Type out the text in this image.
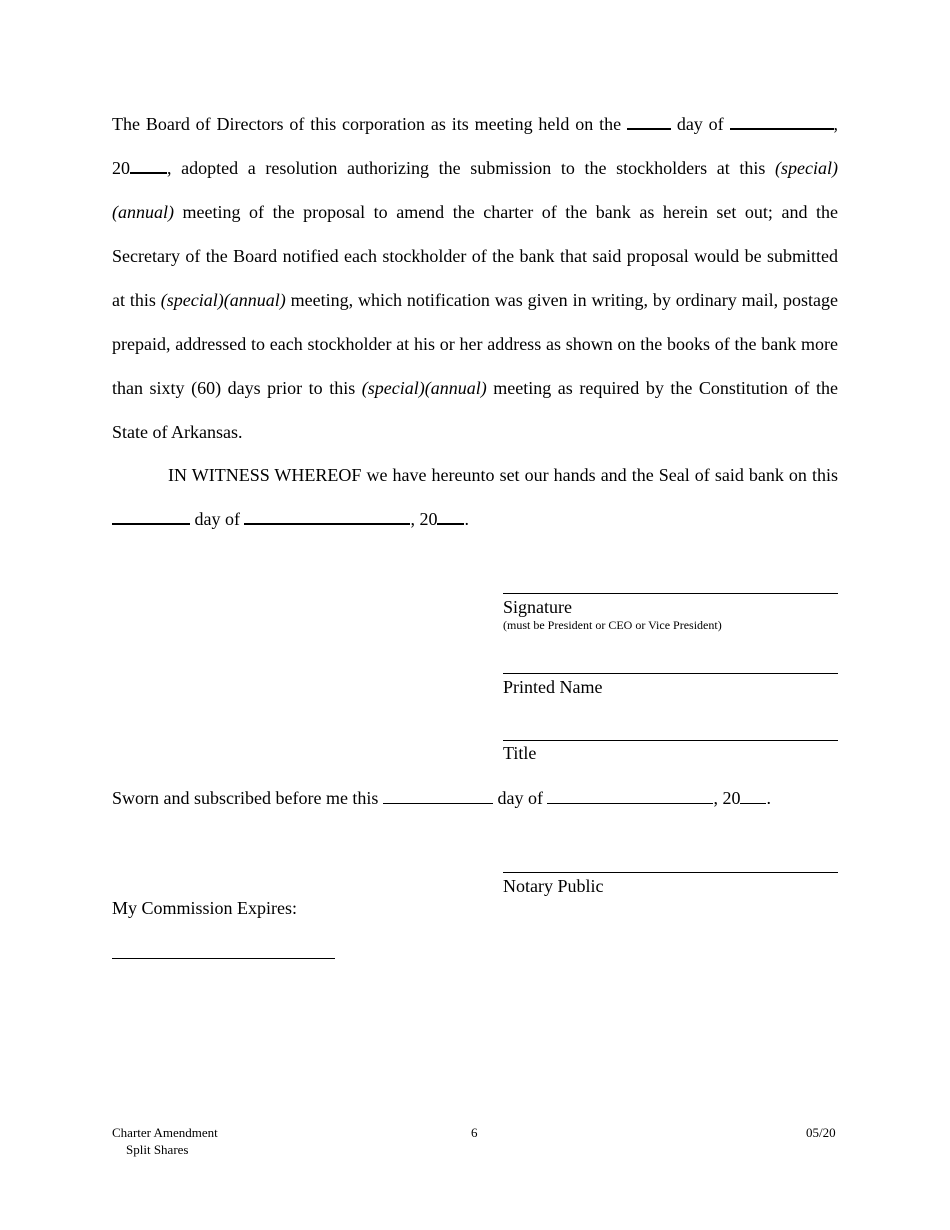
The Board of Directors of this corporation as its meeting held on the  day of	, 20 , adopted a resolution authorizing the submission to the stockholders at this (special)(annual) meeting of the proposal to amend the charter of the bank as herein set out; and the Secretary of the Board notified each stockholder of the bank that said proposal would be submitted at this (special)(annual) meeting, which notification was given in writing, by ordinary mail, postage prepaid, addressed to each stockholder at his or her address as shown on the books of the bank more than sixty (60) days prior to this (special)(annual) meeting as required by the Constitution of the State of Arkansas.
IN WITNESS WHEREOF we have hereunto set our hands and the Seal of said bank on this  day of	, 20 .
Signature
(must be President or CEO or Vice President)
Printed Name
Title
Sworn and subscribed before me this	day of	, 20 .
Notary Public
My Commission Expires:
Charter Amendment
Split Shares
6	05/20
